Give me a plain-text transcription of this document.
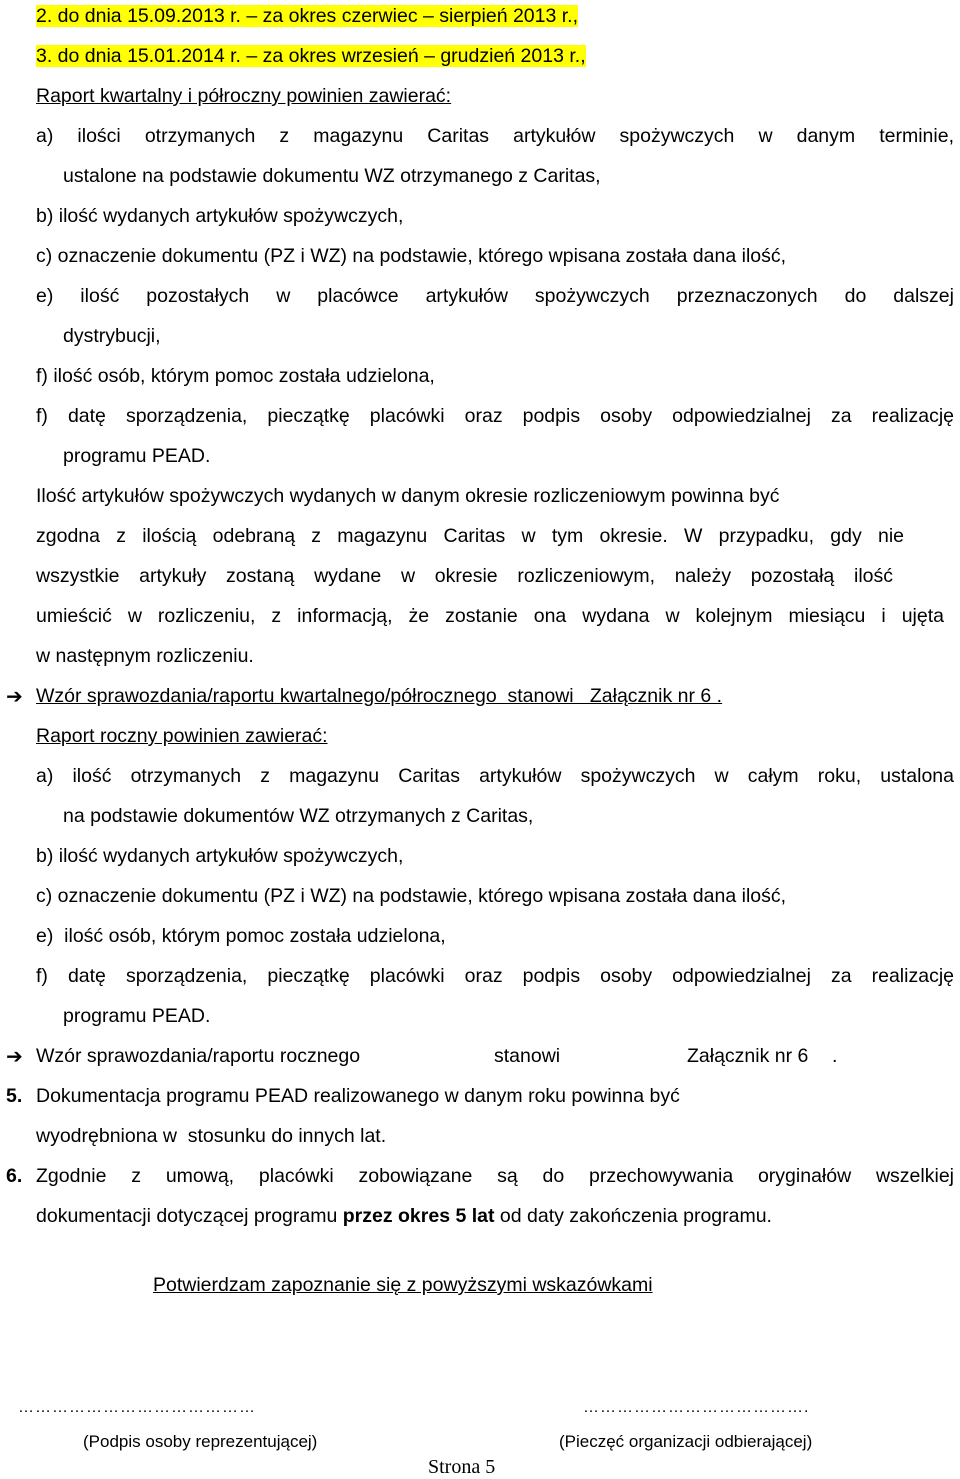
2. do dnia 15.09.2013 r. – za okres czerwiec – sierpień 2013 r.,
3. do dnia 15.01.2014 r. – za okres wrzesień – grudzień 2013 r.,
Raport kwartalny i półroczny powinien zawierać:
a) ilości otrzymanych z magazynu Caritas artykułów spożywczych w danym terminie,
ustalone na podstawie dokumentu WZ otrzymanego z Caritas,
b) ilość wydanych artykułów spożywczych,
c) oznaczenie dokumentu (PZ i WZ) na podstawie, którego wpisana została dana ilość,
e) ilość pozostałych w placówce artykułów spożywczych przeznaczonych do dalszej
dystrybucji,
f) ilość osób, którym pomoc została udzielona,
f) datę sporządzenia, pieczątkę placówki oraz podpis osoby odpowiedzialnej za realizację
programu PEAD.
Ilość artykułów spożywczych wydanych w danym okresie rozliczeniowym powinna być
zgodna z ilością odebraną z magazynu Caritas w tym okresie. W przypadku, gdy nie
wszystkie artykuły zostaną wydane w okresie rozliczeniowym, należy pozostałą ilość
umieścić w rozliczeniu, z informacją, że zostanie ona wydana w kolejnym miesiącu i ujęta
w następnym rozliczeniu.
➔ Wzór sprawozdania/raportu kwartalnego/półrocznego  stanowi   Załącznik nr 6 .
Raport roczny powinien zawierać:
a) ilość otrzymanych z magazynu Caritas artykułów spożywczych w całym roku, ustalona
na podstawie dokumentów WZ otrzymanych z Caritas,
b) ilość wydanych artykułów spożywczych,
c) oznaczenie dokumentu (PZ i WZ) na podstawie, którego wpisana została dana ilość,
e)  ilość osób, którym pomoc została udzielona,
f) datę sporządzenia, pieczątkę placówki oraz podpis osoby odpowiedzialnej za realizację
programu PEAD.
➔ Wzór sprawozdania/raportu rocznego	stanowi	Załącznik nr 6 .
5. Dokumentacja programu PEAD realizowanego w danym roku powinna być
wyodrębniona w  stosunku do innych lat.
6. Zgodnie z umową, placówki zobowiązane są do przechowywania oryginałów wszelkiej
dokumentacji dotyczącej programu przez okres 5 lat od daty zakończenia programu.
Potwierdzam zapoznanie się z powyższymi wskazówkami
……………………………………	………………………………….
(Podpis osoby reprezentującej)	(Pieczęć organizacji odbierającej)
Strona 5
